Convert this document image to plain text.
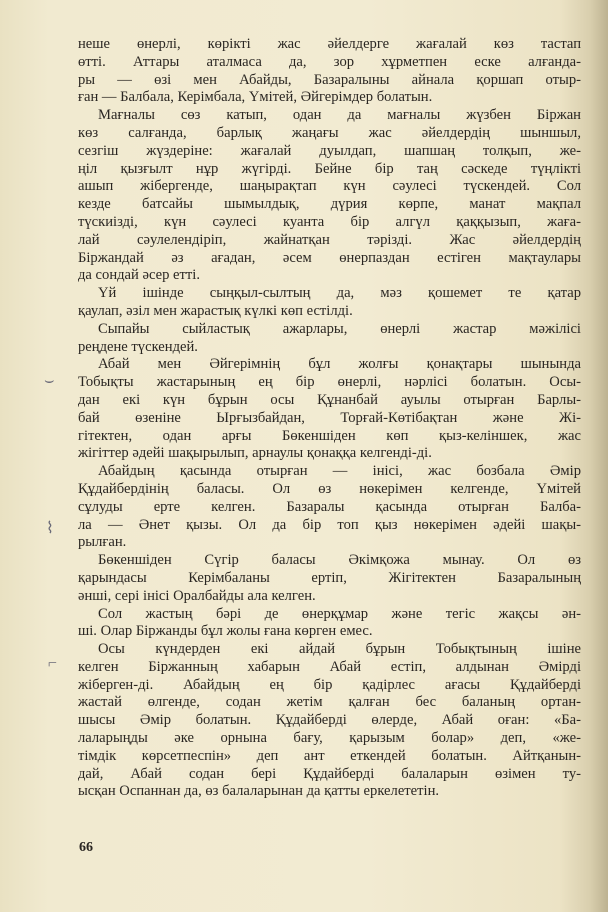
неше өнерлі, көрікті жас әйелдерге жағалай көз тастап
өтті. Аттары аталмаса да, зор хұрметпен еске алғанда-
ры — өзі мен Абайды, Базаралыны айнала қоршап отыр-
ған — Балбала, Керімбала, Үмітей, Әйгерімдер болатын.
Мағналы сөз катып, одан да мағналы жүзбен Біржан
көз салғанда, барлық жаңағы жас әйелдердің шыншыл,
сезгіш жүздеріне: жағалай дуылдап, шапшаң толқып, же-
ңіл қызғылт нұр жүгірді. Бейне бір таң сәскеде түңлікті
ашып жібергенде, шаңырақтап күн сәулесі түскендей. Сол
кезде батсайы шымылдық, дүрия көрпе, манат мақпал
түскиізді, күн сәулесі куанта бір алгүл қаққызып, жаға-
лай сәулелендіріп, жайнатқан тәрізді. Жас әйелдердің
Біржандай әз ағадан, әсем өнерпаздан естіген мақтаулары
да сондай әсер етті.
Үй ішінде сыңқыл-сылтың да, мәз қошемет те қатар
қаулап, әзіл мен жарастық күлкі көп естілді.
Сыпайы сыйластық ажарлары, өнерлі жастар мәжілісі
реңдене түскендей.
Абай мен Әйгерімнің бұл жолғы қонақтары шынында
Тобықты жастарының ең бір өнерлі, нәрлісі болатын. Осы-
дан екі күн бұрын осы Құнанбай ауылы отырған Барлы-
бай өзеніне Ырғызбайдан, Торғай-Көтібақтан және Жі-
гітектен, одан арғы Бөкеншіден көп қыз-келіншек, жас
жігіттер әдейі шақырылып, арнаулы қонаққа келгенді-ді.
Абайдың қасында отырған — інісі, жас бозбала Әмір
Құдайбердінің баласы. Ол өз нөкерімен келгенде, Үмітей
сұлуды ерте келген. Базаралы қасында отырған Балба-
ла — Әнет қызы. Ол да бір топ қыз нөкерімен әдейі шақы-
рылған.
Бөкеншіден Сүгір баласы Әкімқожа мынау. Ол өз
қарындасы Керімбаланы ертіп, Жігітектен Базаралының
әнші, сері інісі Оралбайды ала келген.
Сол жастың бәрі де өнерқұмар және тегіс жақсы ән-
ші. Олар Біржанды бұл жолы ғана көрген емес.
Осы күндерден екі айдай бұрын Тобықтының ішіне
келген Біржанның хабарын Абай естіп, алдынан Әмірді
жіберген-ді. Абайдың ең бір қадірлес ағасы Құдайберді
жастай өлгенде, содан жетім қалған бес баланың ортан-
шысы Әмір болатын. Құдайберді өлерде, Абай оған: «Ба-
лаларыңды әке орнына бағу, қарызым болар» деп, «же-
тімдік көрсетпеспін» деп ант еткендей болатын. Айтқанын-
дай, Абай содан бері Құдайберді балаларын өзімен ту-
ысқан Оспаннан да, өз балаларынан да қатты еркелететін.
66
⌣
⌇
⌐
